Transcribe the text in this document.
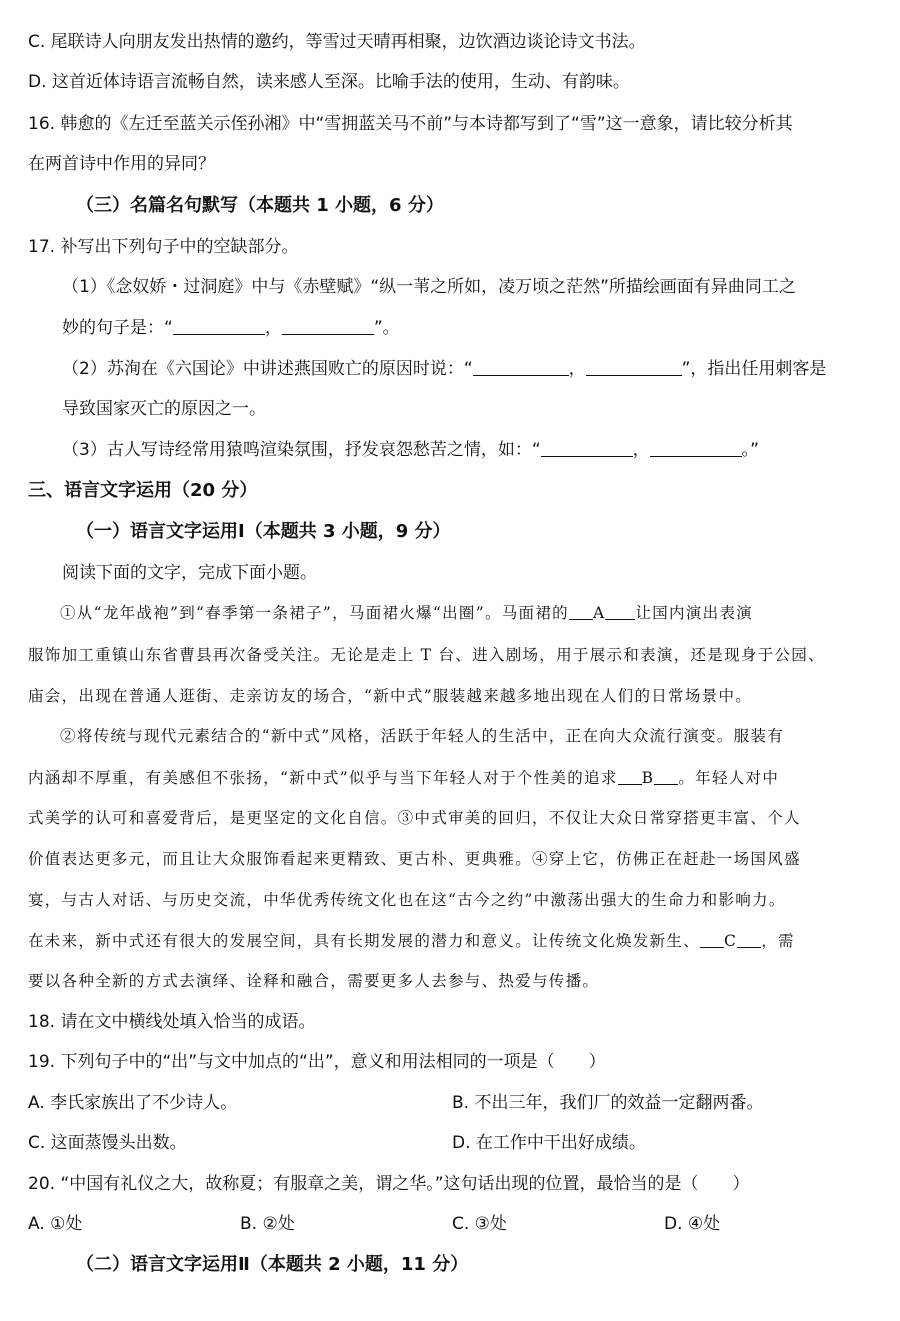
C. 尾联诗人向朋友发出热情的邀约，等雪过天晴再相聚，边饮酒边谈论诗文书法。
D. 这首近体诗语言流畅自然，读来感人至深。比喻手法的使用，生动、有韵味。
16. 韩愈的《左迁至蓝关示侄孙湘》中“雪拥蓝关马不前”与本诗都写到了“雪”这一意象，请比较分析其
在两首诗中作用的异同？
（三）名篇名句默写（本题共 1 小题，6 分）
17. 补写出下列句子中的空缺部分。
（1）《念奴娇・过洞庭》中与《赤壁赋》“纵一苇之所如，凌万顷之茫然”所描绘画面有异曲同工之
妙的句子是：“	，	”。
（2）苏洵在《六国论》中讲述燕国败亡的原因时说：“	，	”，指出任用刺客是
导致国家灭亡的原因之一。
（3）古人写诗经常用猿鸣渲染氛围，抒发哀怨愁苦之情，如：“	，	。”
三、语言文字运用（20 分）
（一）语言文字运用Ⅰ（本题共 3 小题，9 分）
阅读下面的文字，完成下面小题。
①从“龙年战袍”到“春季第一条裙子”，马面裙火爆“出圈”。马面裙的 A 让国内演出表演
服饰加工重镇山东省曹县再次备受关注。无论是走上 T 台、进入剧场，用于展示和表演，还是现身于公园、
庙会，出现在普通人逛街、走亲访友的场合，“新中式”服装越来越多地出现在人们的日常场景中。
②将传统与现代元素结合的“新中式”风格，活跃于年轻人的生活中，正在向大众流行演变。服装有
内涵却不厚重，有美感但不张扬，“新中式”似乎与当下年轻人对于个性美的追求 B 。年轻人对中
式美学的认可和喜爱背后，是更坚定的文化自信。③中式审美的回归，不仅让大众日常穿搭更丰富、个人
价值表达更多元，而且让大众服饰看起来更精致、更古朴、更典雅。④穿上它，仿佛正在赶赴一场国风盛
宴，与古人对话、与历史交流，中华优秀传统文化也在这“古今之约”中激荡出强大的生命力和影响力。
在未来，新中式还有很大的发展空间，具有长期发展的潜力和意义。让传统文化焕发新生、 C ，需
要以各种全新的方式去演绎、诠释和融合，需要更多人去参与、热爱与传播。
18. 请在文中横线处填入恰当的成语。
19. 下列句子中的“出”与文中加点的“出”，意义和用法相同的一项是（　　）
A. 李氏家族出了不少诗人。	B. 不出三年，我们厂的效益一定翻两番。
C. 这面蒸馒头出数。	D. 在工作中干出好成绩。
20. “中国有礼仪之大，故称夏；有服章之美，谓之华。”这句话出现的位置，最恰当的是（　　）
A. ①处	B. ②处	C. ③处	D. ④处
（二）语言文字运用Ⅱ（本题共 2 小题，11 分）
